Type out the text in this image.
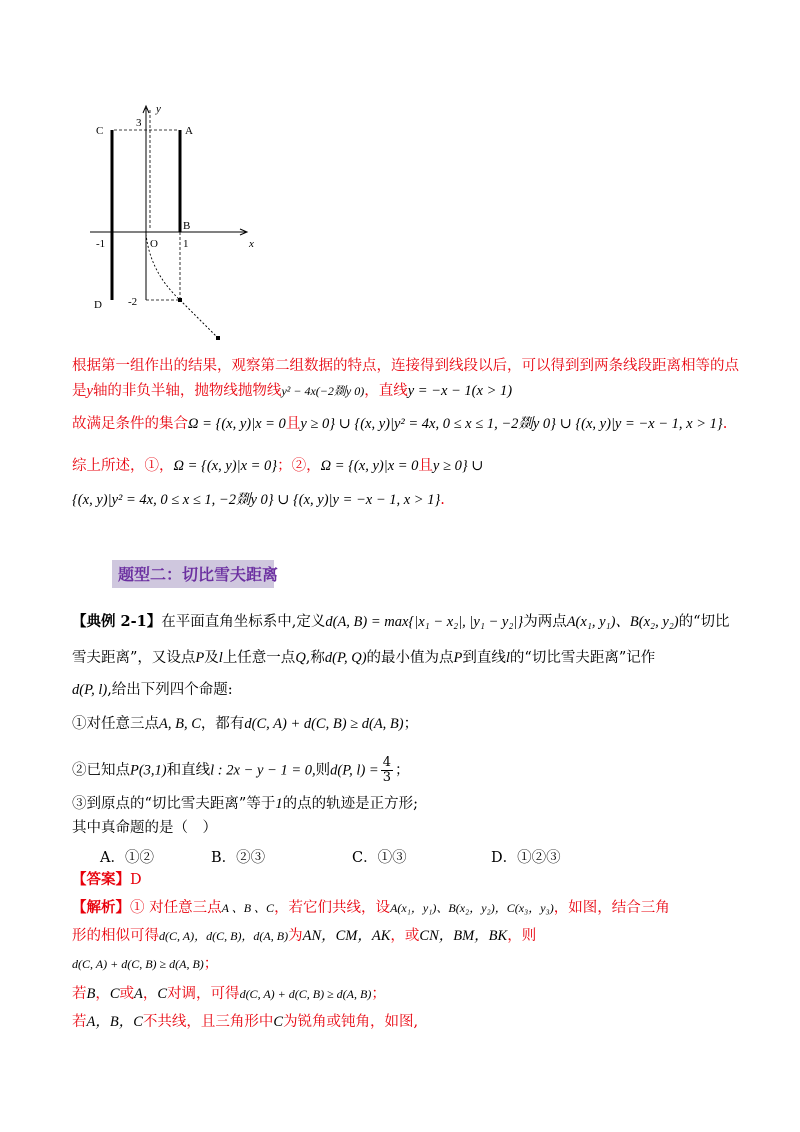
C	A
B
D
O
y
x
-1	1
3
-2
根据第一组作出的结果，观察第二组数据的特点，连接得到线段以后，可以得到到两条线段距离相等的点
是y轴的非负半轴，抛物线抛物线y² − 4x(−2剟y 0)，直线y = −x − 1(x > 1)
故满足条件的集合Ω = {(x, y)|x = 0且y ≥ 0} ∪ {(x, y)|y² = 4x, 0 ≤ x ≤ 1, −2剟y 0} ∪ {(x, y)|y = −x − 1, x > 1}.
综上所述，①，Ω = {(x, y)|x = 0}；②，Ω = {(x, y)|x = 0且y ≥ 0} ∪
{(x, y)|y² = 4x, 0 ≤ x ≤ 1, −2剟y 0} ∪ {(x, y)|y = −x − 1, x > 1}.
题型二：切比雪夫距离
【典例 2-1】在平面直角坐标系中,定义d(A, B) = max{|x₁ − x₂|, |y₁ − y₂|}为两点A(x₁, y₁)、B(x₂, y₂)的“切比
雪夫距离”，又设点P及l上任意一点Q,称d(P, Q)的最小值为点P到直线l的“切比雪夫距离”记作
d(P, l),给出下列四个命题:
①对任意三点A, B, C，都有d(C, A) + d(C, B) ≥ d(A, B)；
②已知点P(3,1)和直线l : 2x − y − 1 = 0,则d(P, $l) = \frac{4}{3}$ ；
③到原点的“切比雪夫距离”等于1的点的轨迹是正方形;
其中真命题的是（　）
A．①②	B．②③	C．①③	D．①②③
【答案】D
【解析】① 对任意三点A 、B 、C，若它们共线，设A(x₁，y₁)、B(x₂，y₂)，C(x₃，y₃)，如图，结合三角
形的相似可得d(C, A)，d(C, B)，d(A, B)为AN，CM，AK，或CN，BM，BK，则
d(C, A) + d(C, B) ≥ d(A, B)；
若B，C或A，C对调，可得d(C, A) + d(C, B) ≥ d(A, B)；
若A，B，C不共线，且三角形中C为锐角或钝角，如图,
